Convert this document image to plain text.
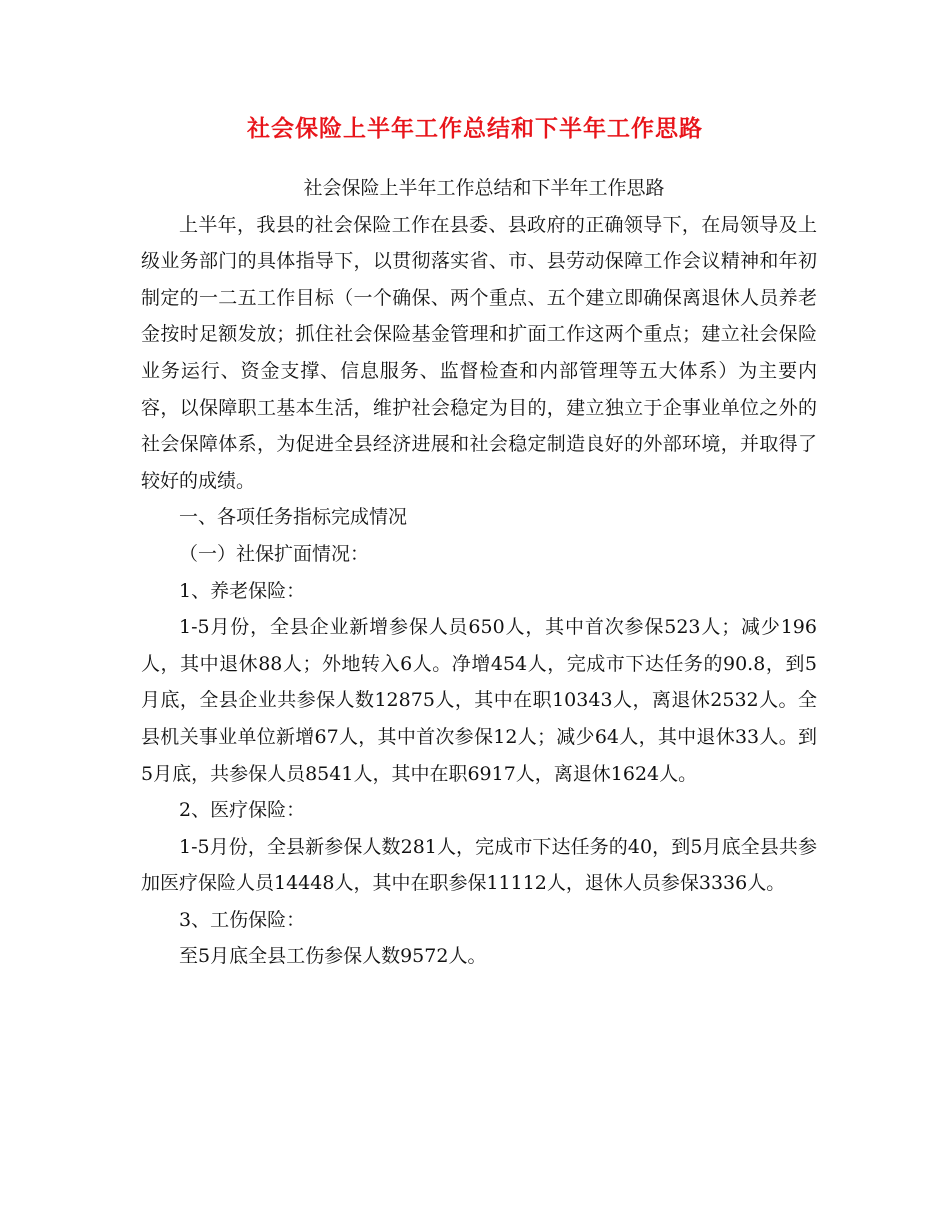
社会保险上半年工作总结和下半年工作思路

社会保险上半年工作总结和下半年工作思路

上半年，我县的社会保险工作在县委、县政府的正确领导下，在局领导及上级业务部门的具体指导下，以贯彻落实省、市、县劳动保障工作会议精神和年初制定的一二五工作目标（一个确保、两个重点、五个建立即确保离退休人员养老金按时足额发放；抓住社会保险基金管理和扩面工作这两个重点；建立社会保险业务运行、资金支撑、信息服务、监督检查和内部管理等五大体系）为主要内容，以保障职工基本生活，维护社会稳定为目的，建立独立于企事业单位之外的社会保障体系，为促进全县经济进展和社会稳定制造良好的外部环境，并取得了较好的成绩。

一、各项任务指标完成情况

（一）社保扩面情况：

1、养老保险：

1-5月份，全县企业新增参保人员650人，其中首次参保523人；减少196人，其中退休88人；外地转入6人。净增454人，完成市下达任务的90.8，到5月底，全县企业共参保人数12875人，其中在职10343人，离退休2532人。全县机关事业单位新增67人，其中首次参保12人；减少64人，其中退休33人。到5月底，共参保人员8541人，其中在职6917人，离退休1624人。

2、医疗保险：

1-5月份，全县新参保人数281人，完成市下达任务的40，到5月底全县共参加医疗保险人员14448人，其中在职参保11112人，退休人员参保3336人。

3、工伤保险：

至5月底全县工伤参保人数9572人。
